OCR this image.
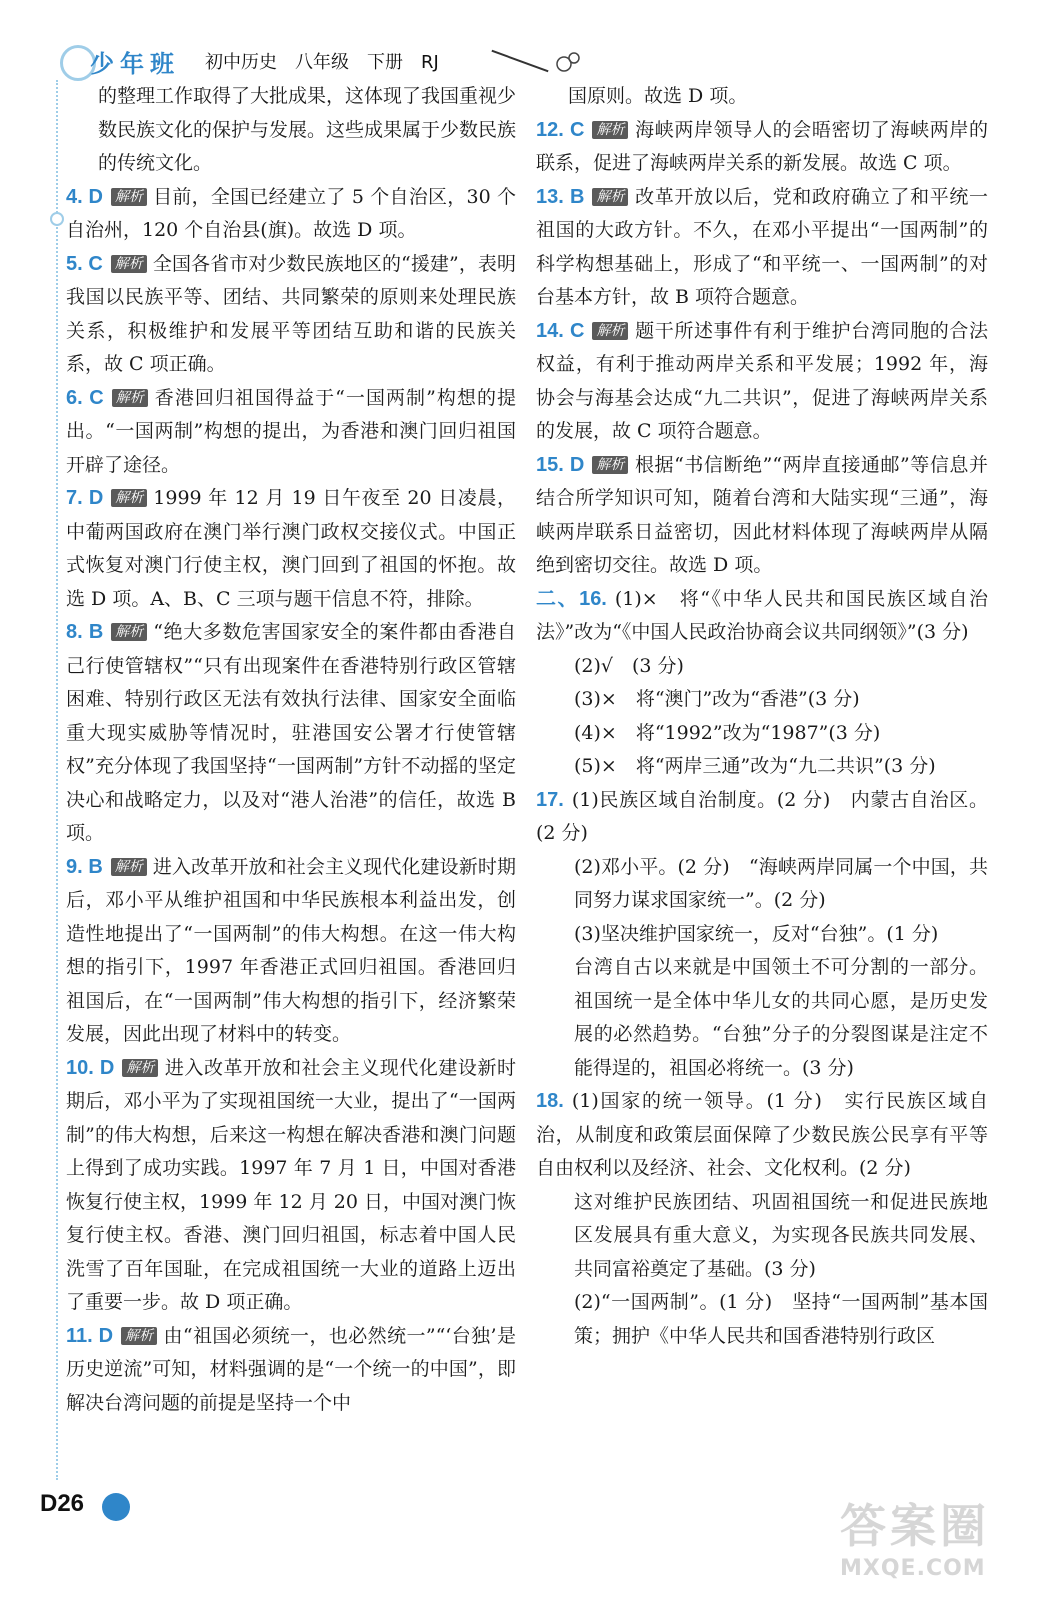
少年班 初中历史　八年级　下册　RJ

的整理工作取得了大批成果，这体现了我国重视少数民族文化的保护与发展。这些成果属于少数民族的传统文化。

4. D 解析 目前，全国已经建立了 5 个自治区，30 个自治州，120 个自治县(旗)。故选 D 项。

5. C 解析 全国各省市对少数民族地区的“援建”，表明我国以民族平等、团结、共同繁荣的原则来处理民族关系，积极维护和发展平等团结互助和谐的民族关系，故 C 项正确。

6. C 解析 香港回归祖国得益于“一国两制”构想的提出。“一国两制”构想的提出，为香港和澳门回归祖国开辟了途径。

7. D 解析 1999 年 12 月 19 日午夜至 20 日凌晨，中葡两国政府在澳门举行澳门政权交接仪式。中国正式恢复对澳门行使主权，澳门回到了祖国的怀抱。故选 D 项。A、B、C 三项与题干信息不符，排除。

8. B 解析 “绝大多数危害国家安全的案件都由香港自己行使管辖权”“只有出现案件在香港特别行政区管辖困难、特别行政区无法有效执行法律、国家安全面临重大现实威胁等情况时，驻港国安公署才行使管辖权”充分体现了我国坚持“一国两制”方针不动摇的坚定决心和战略定力，以及对“港人治港”的信任，故选 B 项。

9. B 解析 进入改革开放和社会主义现代化建设新时期后，邓小平从维护祖国和中华民族根本利益出发，创造性地提出了“一国两制”的伟大构想。在这一伟大构想的指引下，1997 年香港正式回归祖国。香港回归祖国后，在“一国两制”伟大构想的指引下，经济繁荣发展，因此出现了材料中的转变。

10. D 解析 进入改革开放和社会主义现代化建设新时期后，邓小平为了实现祖国统一大业，提出了“一国两制”的伟大构想，后来这一构想在解决香港和澳门问题上得到了成功实践。1997 年 7 月 1 日，中国对香港恢复行使主权，1999 年 12 月 20 日，中国对澳门恢复行使主权。香港、澳门回归祖国，标志着中国人民洗雪了百年国耻，在完成祖国统一大业的道路上迈出了重要一步。故 D 项正确。

11. D 解析 由“祖国必须统一，也必然统一”“‘台独’是历史逆流”可知，材料强调的是“一个统一的中国”，即解决台湾问题的前提是坚持一个中

国原则。故选 D 项。

12. C 解析 海峡两岸领导人的会晤密切了海峡两岸的联系，促进了海峡两岸关系的新发展。故选 C 项。

13. B 解析 改革开放以后，党和政府确立了和平统一祖国的大政方针。不久，在邓小平提出“一国两制”的科学构想基础上，形成了“和平统一、一国两制”的对台基本方针，故 B 项符合题意。

14. C 解析 题干所述事件有利于维护台湾同胞的合法权益，有利于推动两岸关系和平发展；1992 年，海协会与海基会达成“九二共识”，促进了海峡两岸关系的发展，故 C 项符合题意。

15. D 解析 根据“书信断绝”“两岸直接通邮”等信息并结合所学知识可知，随着台湾和大陆实现“三通”，海峡两岸联系日益密切，因此材料体现了海峡两岸从隔绝到密切交往。故选 D 项。

二、16. (1)×　将“《中华人民共和国民族区域自治法》”改为“《中国人民政治协商会议共同纲领》”(3 分)

(2)√　(3 分)

(3)×　将“澳门”改为“香港”(3 分)

(4)×　将“1992”改为“1987”(3 分)

(5)×　将“两岸三通”改为“九二共识”(3 分)

17. (1)民族区域自治制度。(2 分)　内蒙古自治区。(2 分)

(2)邓小平。(2 分)　“海峡两岸同属一个中国，共同努力谋求国家统一”。(2 分)

(3)坚决维护国家统一，反对“台独”。(1 分)

台湾自古以来就是中国领土不可分割的一部分。祖国统一是全体中华儿女的共同心愿，是历史发展的必然趋势。“台独”分子的分裂图谋是注定不能得逞的，祖国必将统一。(3 分)

18. (1)国家的统一领导。(1 分)　实行民族区域自治，从制度和政策层面保障了少数民族公民享有平等自由权利以及经济、社会、文化权利。(2 分)

这对维护民族团结、巩固祖国统一和促进民族地区发展具有重大意义，为实现各民族共同发展、共同富裕奠定了基础。(3 分)

(2)“一国两制”。(1 分)　坚持“一国两制”基本国策；拥护《中华人民共和国香港特别行政区

D26	答案圈
MXQE.COM
